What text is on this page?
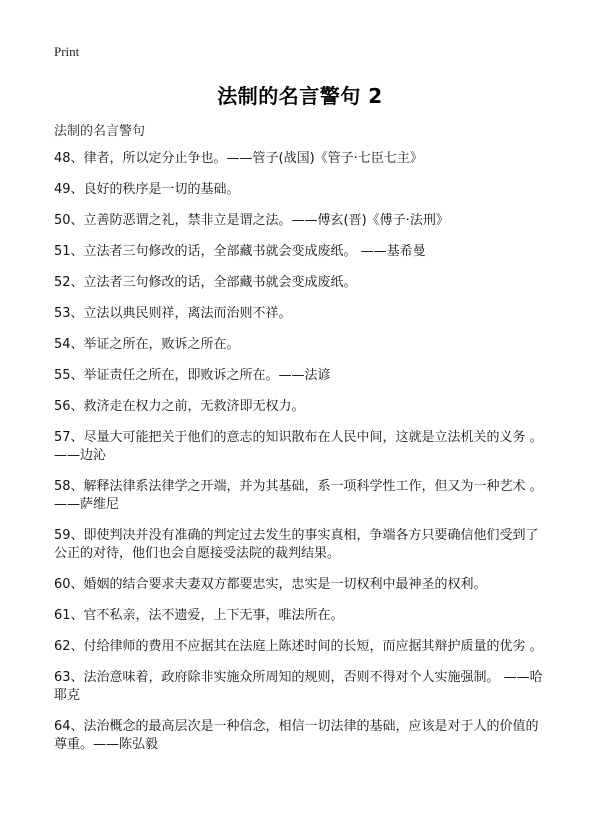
Print
法制的名言警句 2
法制的名言警句
48、律者，所以定分止争也。——管子(战国)《管子·七臣七主》
49、良好的秩序是一切的基础。
50、立善防恶谓之礼，禁非立是谓之法。——傅玄(晋)《傅子·法刑》
51、立法者三句修改的话，全部藏书就会变成废纸。 ——基希曼
52、立法者三句修改的话，全部藏书就会变成废纸。
53、立法以典民则祥，离法而治则不祥。
54、举证之所在，败诉之所在。
55、举证责任之所在，即败诉之所在。——法谚
56、救济走在权力之前，无救济即无权力。
57、尽量大可能把关于他们的意志的知识散布在人民中间，这就是立法机关的义务 。 ——边沁
58、解释法律系法律学之开端，并为其基础，系一项科学性工作，但又为一种艺术 。 ——萨维尼
59、即使判决并没有准确的判定过去发生的事实真相，争端各方只要确信他们受到了公正的对待，他们也会自愿接受法院的裁判结果。
60、婚姻的结合要求夫妻双方都要忠实，忠实是一切权利中最神圣的权利。
61、官不私亲，法不遗爱，上下无事，唯法所在。
62、付给律师的费用不应据其在法庭上陈述时间的长短，而应据其辩护质量的优劣 。
63、法治意味着，政府除非实施众所周知的规则，否则不得对个人实施强制。 ——哈耶克
64、法治概念的最高层次是一种信念，相信一切法律的基础，应该是对于人的价值的尊重。——陈弘毅
